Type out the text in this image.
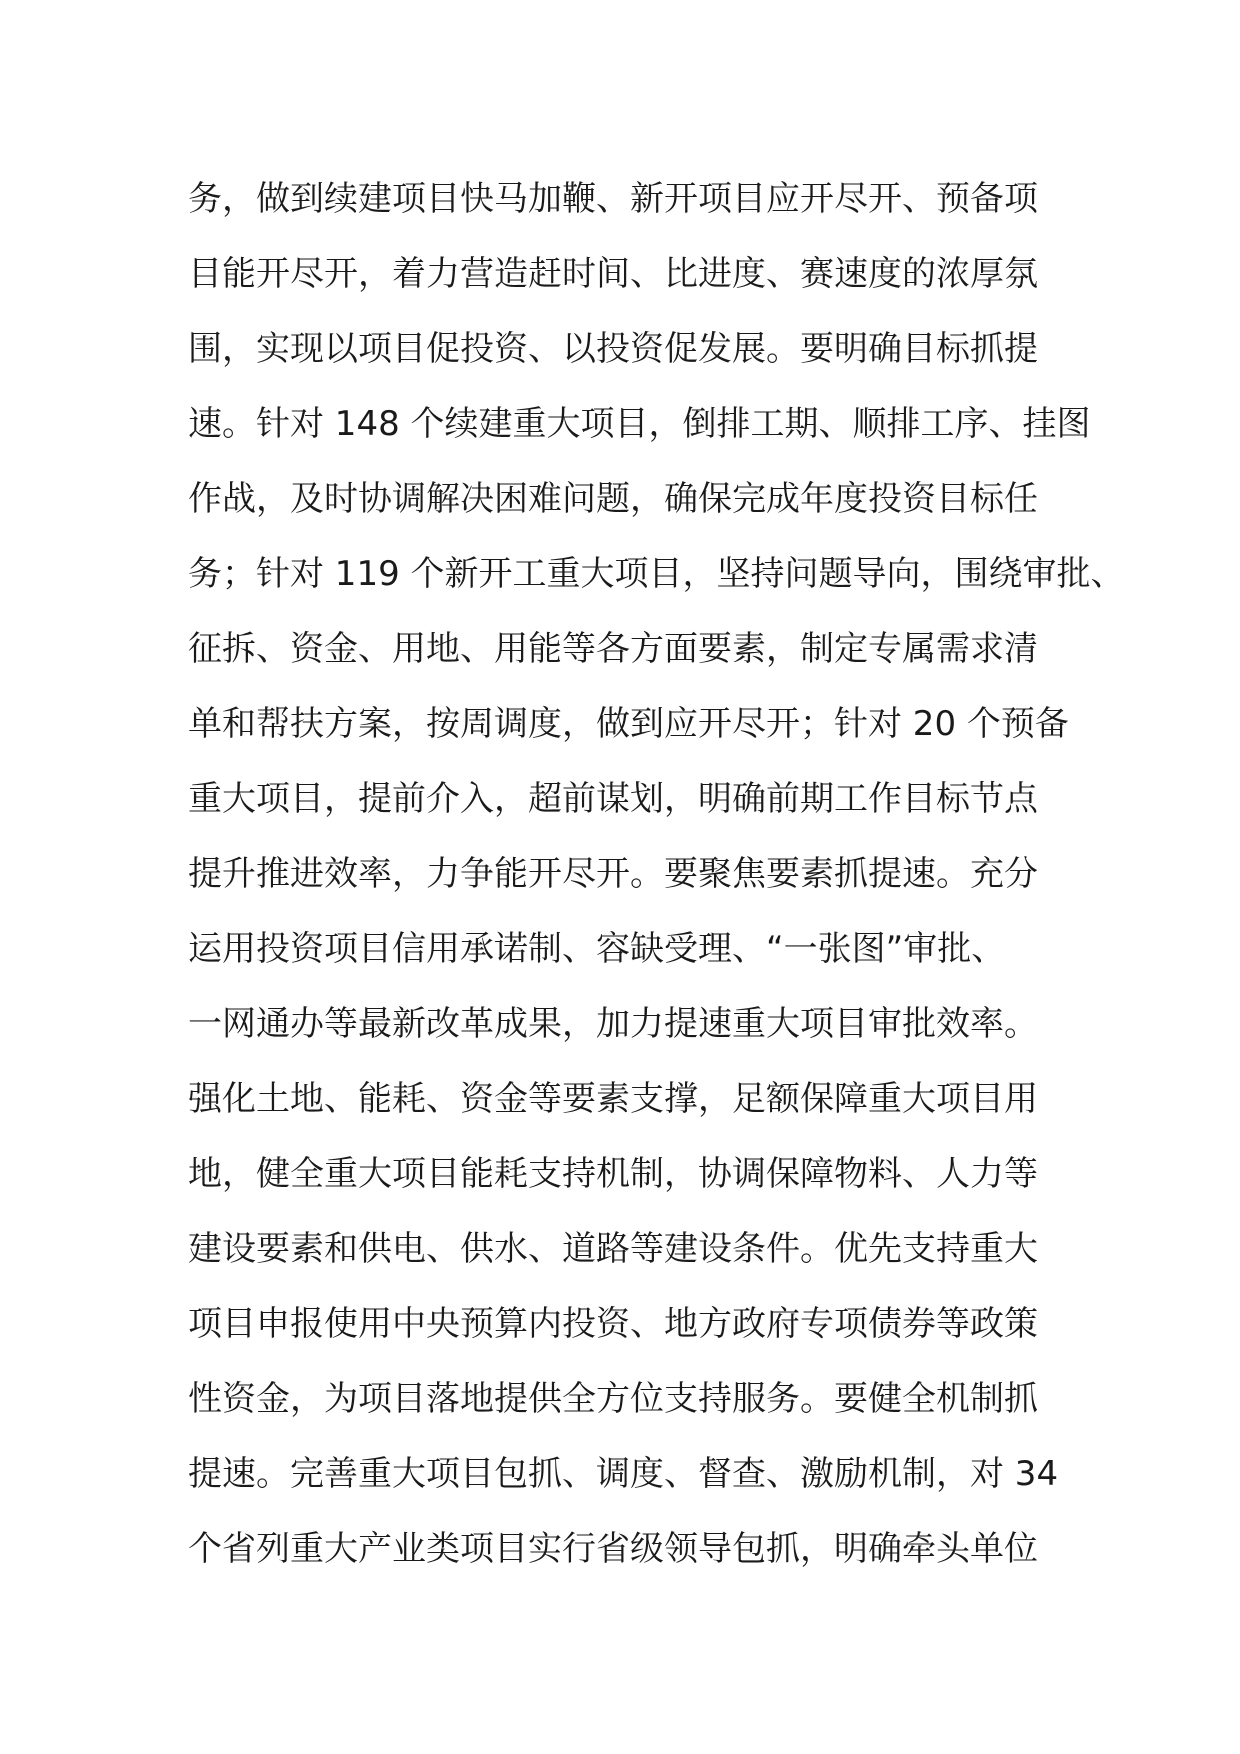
务，做到续建项目快马加鞭、新开项目应开尽开、预备项
目能开尽开，着力营造赶时间、比进度、赛速度的浓厚氛
围，实现以项目促投资、以投资促发展。要明确目标抓提
速。针对 148 个续建重大项目，倒排工期、顺排工序、挂图
作战，及时协调解决困难问题，确保完成年度投资目标任
务；针对 119 个新开工重大项目，坚持问题导向，围绕审批、
征拆、资金、用地、用能等各方面要素，制定专属需求清
单和帮扶方案，按周调度，做到应开尽开；针对 20 个预备
重大项目，提前介入，超前谋划，明确前期工作目标节点
提升推进效率，力争能开尽开。要聚焦要素抓提速。充分
运用投资项目信用承诺制、容缺受理、“一张图”审批、
一网通办等最新改革成果，加力提速重大项目审批效率。
强化土地、能耗、资金等要素支撑，足额保障重大项目用
地，健全重大项目能耗支持机制，协调保障物料、人力等
建设要素和供电、供水、道路等建设条件。优先支持重大
项目申报使用中央预算内投资、地方政府专项债券等政策
性资金，为项目落地提供全方位支持服务。要健全机制抓
提速。完善重大项目包抓、调度、督查、激励机制，对 34
个省列重大产业类项目实行省级领导包抓，明确牵头单位
